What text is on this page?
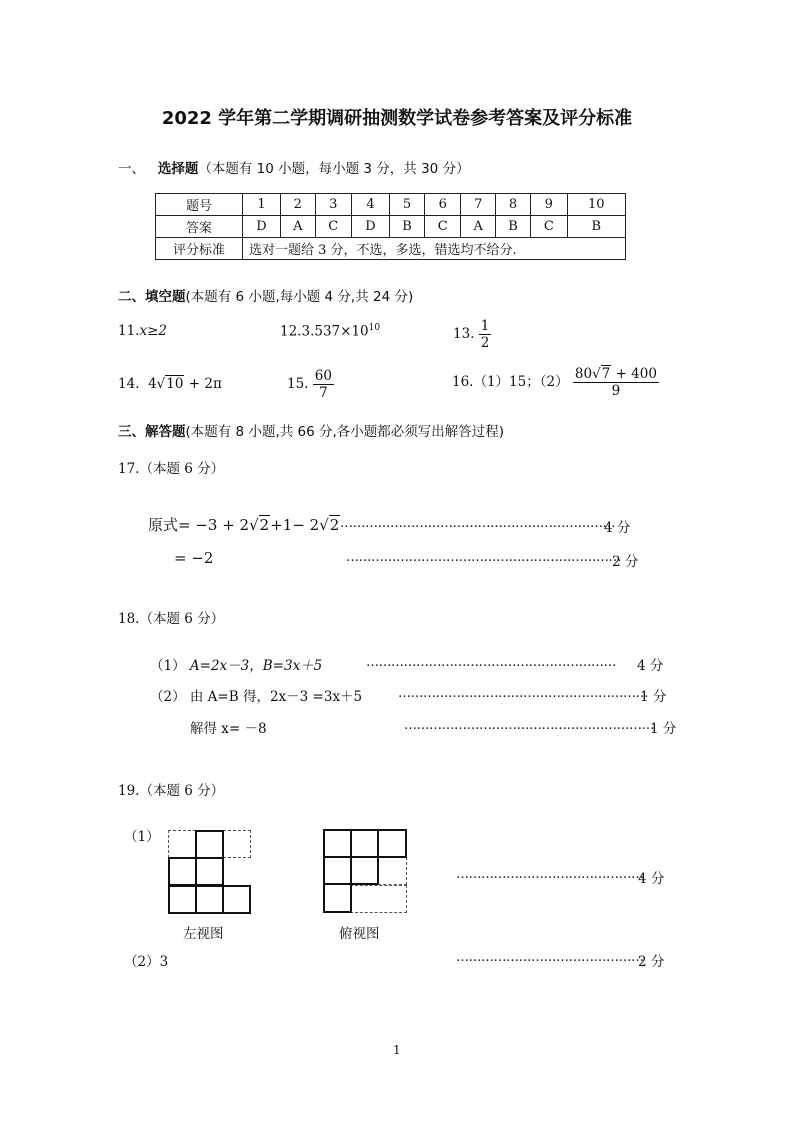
2022 学年第二学期调研抽测数学试卷参考答案及评分标准
一、 选择题（本题有 10 小题，每小题 3 分，共 30 分）
题号	1	2	3	4	5	6	7	8	9	10
答案	D	A	C	D	B	C	A	B	C	B
评分标准	选对一题给 3 分，不选，多选，错选均不给分.									
二、填空题(本题有 6 小题,每小题 4 分,共 24 分)
11.x≥2	$12.3.537\times 10^{10}$	13. $\frac{1}{2}$
14. 4√10 + 2π	15. $\frac{60}{7}$	16.（1）15；$(2) \frac{80√7 + 400}{9}$
三、解答题(本题有 8 小题,共 66 分,各小题都必须写出解答过程)
17.（本题 6 分）
原式= −3 + 2√2+1− 2√2 …………………………………………………………
4 分
= −2	…………………………………………………………
2 分
18.（本题 6 分）
（1） A=2x－3，B=3x＋5	…………………………………………………… 4 分
（2） 由 A=B 得，2x－3 =3x＋5	……………………………………………………
1 分
解得 x= －8	……………………………………………………
1 分
19.（本题 6 分）
（1）
左视图	俯视图
………………………………………
4 分
（2）3	………………………………………
2 分
1
